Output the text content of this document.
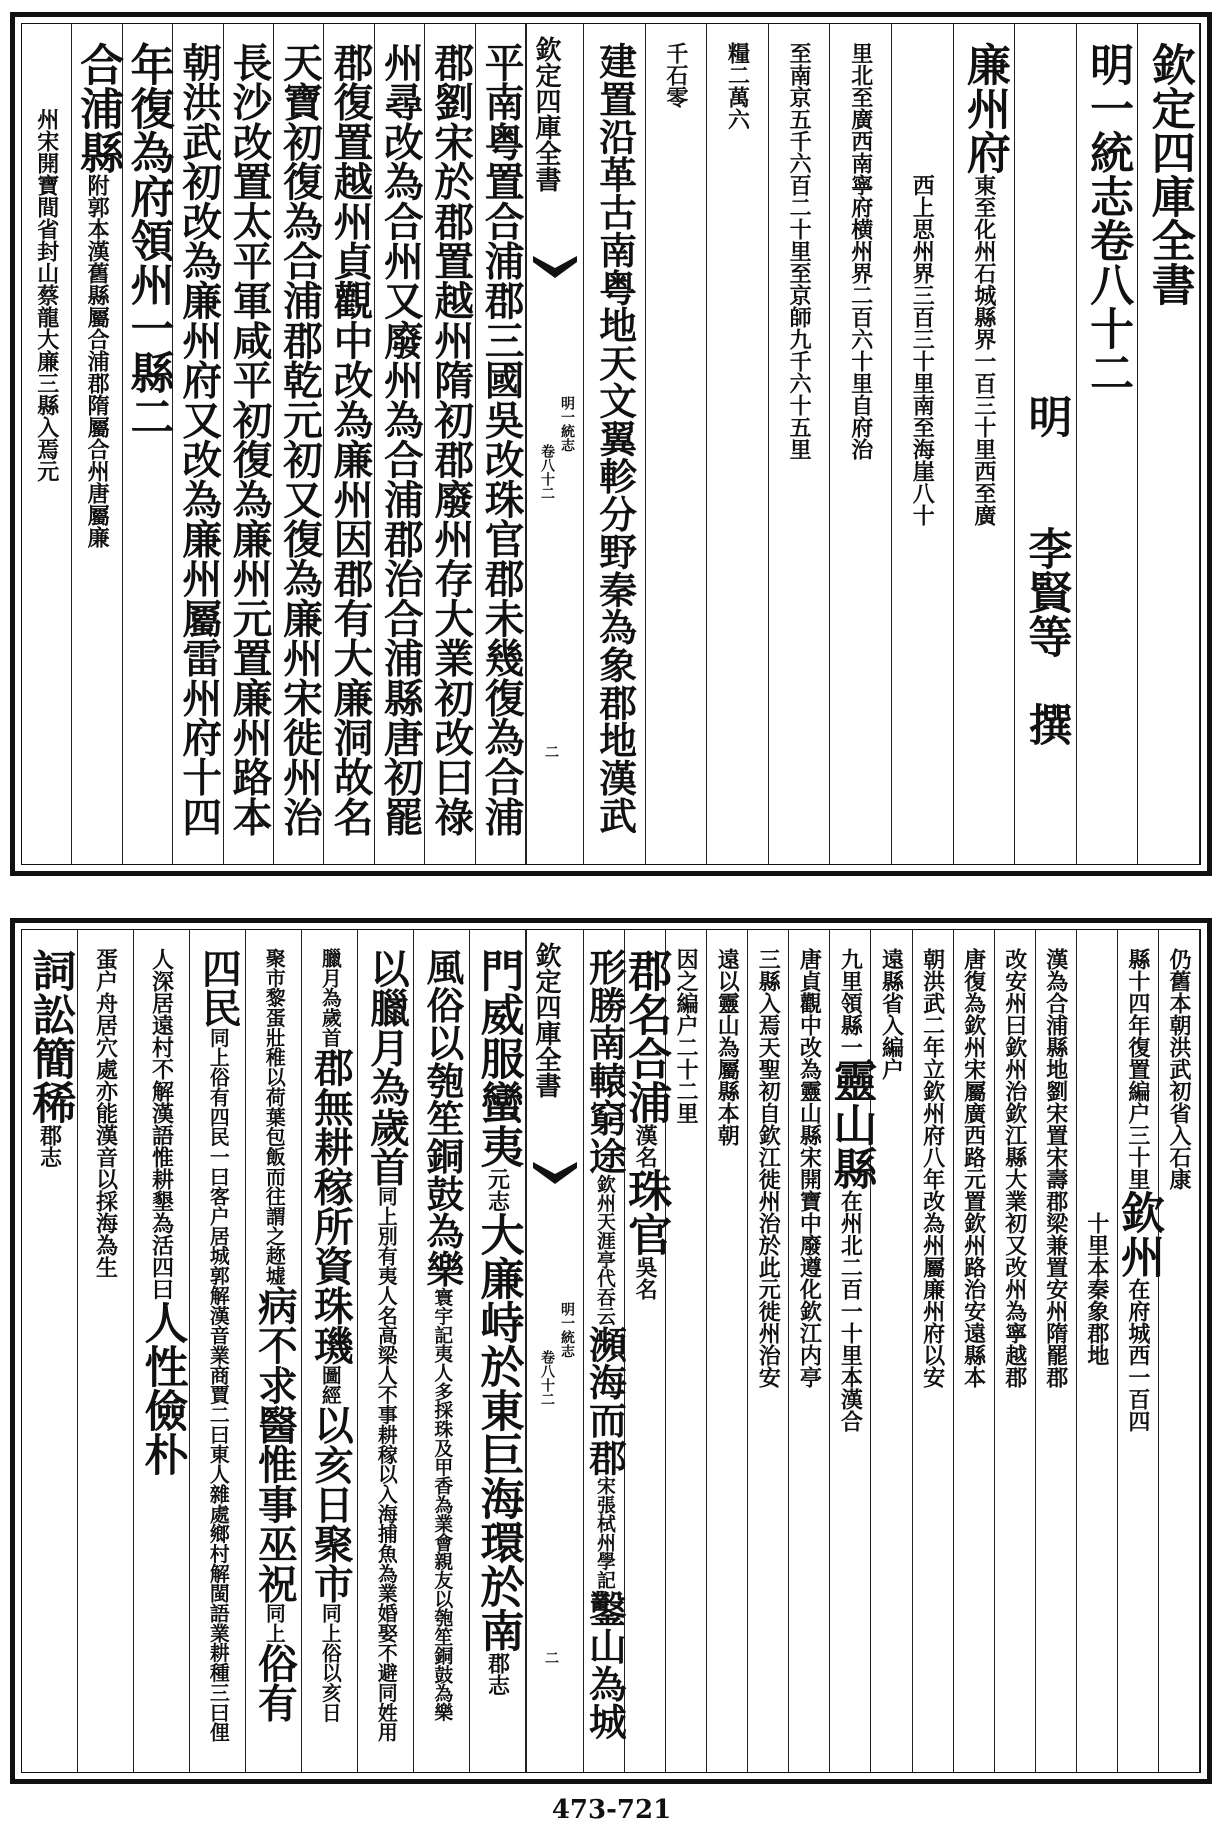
欽定四庫全書
明一統志卷八十二
　　　　　　　　明　　李賢等　撰
廉州府東至化州石城縣界一百三十里西至廣
　　　　　　西上思州界三百三十里南至海崖八十
里北至廣西南寧府横州界二百六十里自府治
至南京五千六百二十里至京師九千六十五里
糧二萬六
千石零
建置沿革古南粤地天文翼軫分野秦為象郡地漢武
欽定四庫全書
明一統志
卷八十二
二
平南粤置合浦郡三國吳改珠官郡未幾復為合浦
郡劉宋於郡置越州隋初郡廢州存大業初改曰祿
州尋改為合州又廢州為合浦郡治合浦縣唐初罷
郡復置越州貞觀中改為廉州因郡有大廉洞故名
天寶初復為合浦郡乾元初又復為廉州宋徙州治
長沙改置太平軍咸平初復為廉州元置廉州路本
朝洪武初改為廉州府又改為廉州屬雷州府十四
年復為府領州一縣二
合浦縣附郭本漢舊縣屬合浦郡隋屬合州唐屬廉
　　　州宋開寶間省封山蔡龍大廉三縣入焉元
仍舊本朝洪武初省入石康
縣十四年復置編户三十里欽州在府城西一百四
　　　　　　　　　　　　十里本秦象郡地
漢為合浦縣地劉宋置宋壽郡梁兼置安州隋罷郡
改安州曰欽州治欽江縣大業初又改州為寧越郡
唐復為欽州宋屬廣西路元置欽州路治安遠縣本
朝洪武二年立欽州府八年改為州屬廉州府以安
遠縣省入編户
九里領縣一靈山縣在州北二百一十里本漢合
唐貞觀中改為靈山縣宋開寶中廢遵化欽江内亭
三縣入焉天聖初自欽江徙州治於此元徙州治安
遠以靈山為屬縣本朝
因之編户二十二里
郡名合浦漢名珠官吳名
形勝南轅窮途欽州天涯亭代吞云瀕海而郡宋張栻州學記鑿山為城
欽定四庫全書
明一統志
卷八十二
二
門威服蠻夷元志大廉峙於東巨海環於南郡志
風俗以匏笙銅鼓為樂寰宇記夷人多採珠及甲香為業會親友以匏笙銅鼓為樂
以臘月為歲首同上別有夷人名高梁人不事耕稼以入海捕魚為業婚娶不避同姓用
臘月為歲首郡無耕稼所資珠璣圖經以亥日聚市同上俗以亥日
聚市黎蛋壯稚以荷葉包飯而往謂之趂墟病不求醫惟事巫祝同上俗有
四民同上俗有四民一曰客户居城郭解漢音業商賈二曰東人雜處鄉村解閩語業耕種三曰俚
人深居遠村不解漢語惟耕墾為活四曰人性儉朴
蛋户舟居穴處亦能漢音以採海為生
詞訟簡稀郡志
473-721
